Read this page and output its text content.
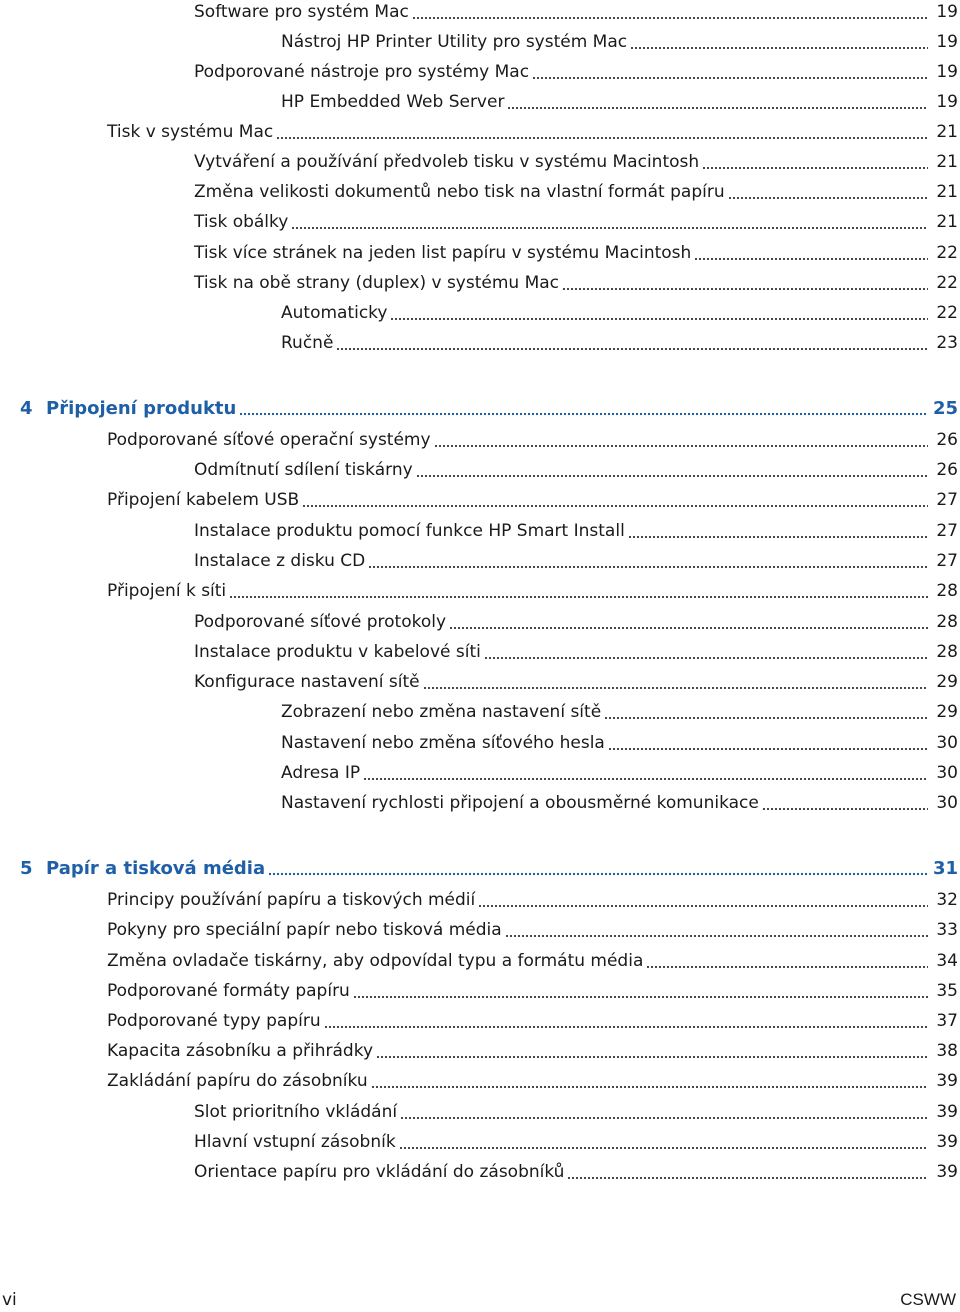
Software pro systém Mac	19
Nástroj HP Printer Utility pro systém Mac	19
Podporované nástroje pro systémy Mac	19
HP Embedded Web Server	19
Tisk v systému Mac	21
Vytváření a používání předvoleb tisku v systému Macintosh	21
Změna velikosti dokumentů nebo tisk na vlastní formát papíru	21
Tisk obálky	21
Tisk více stránek na jeden list papíru v systému Macintosh	22
Tisk na obě strany (duplex) v systému Mac	22
Automaticky	22
Ručně	23
4 Připojení produktu	25
Podporované síťové operační systémy	26
Odmítnutí sdílení tiskárny	26
Připojení kabelem USB	27
Instalace produktu pomocí funkce HP Smart Install	27
Instalace z disku CD	27
Připojení k síti	28
Podporované síťové protokoly	28
Instalace produktu v kabelové síti	28
Konfigurace nastavení sítě	29
Zobrazení nebo změna nastavení sítě	29
Nastavení nebo změna síťového hesla	30
Adresa IP	30
Nastavení rychlosti připojení a obousměrné komunikace	30
5 Papír a tisková média	31
Principy používání papíru a tiskových médií	32
Pokyny pro speciální papír nebo tisková média	33
Změna ovladače tiskárny, aby odpovídal typu a formátu média	34
Podporované formáty papíru	35
Podporované typy papíru	37
Kapacita zásobníku a přihrádky	38
Zakládání papíru do zásobníku	39
Slot prioritního vkládání	39
Hlavní vstupní zásobník	39
Orientace papíru pro vkládání do zásobníků	39
vi	CSWW
